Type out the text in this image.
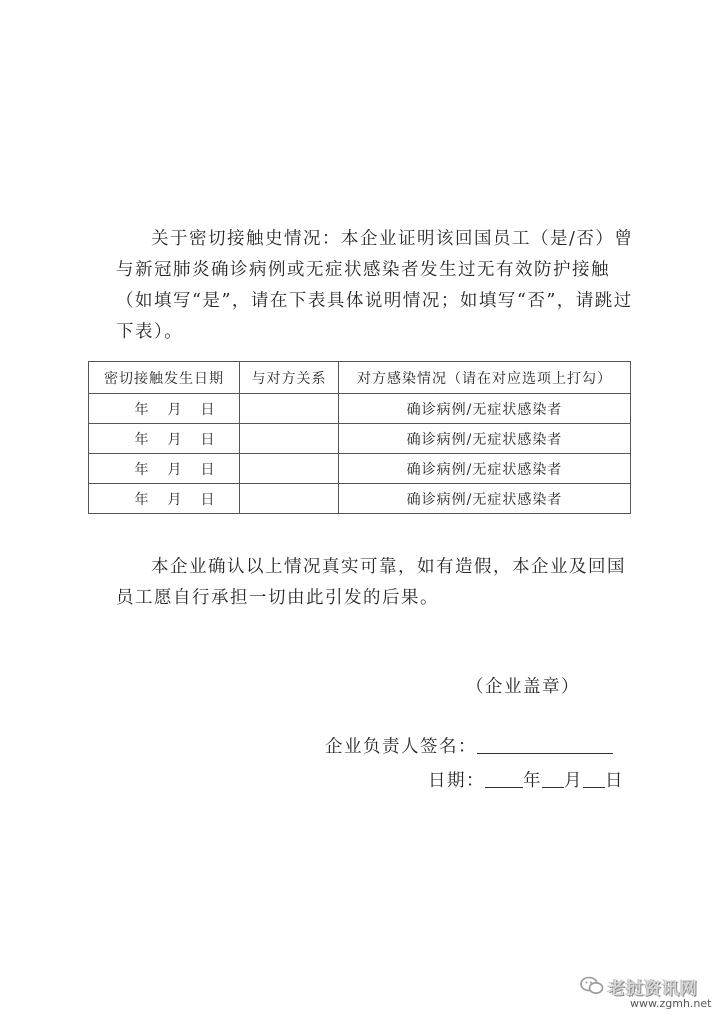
关于密切接触史情况：本企业证明该回国员工（是/否）曾与新冠肺炎确诊病例或无症状感染者发生过无有效防护接触（如填写“是”，请在下表具体说明情况；如填写“否”，请跳过下表）。

密切接触发生日期	与对方关系	对方感染情况（请在对应选项上打勾）
年 月 日		确诊病例/无症状感染者
年 月 日		确诊病例/无症状感染者
年 月 日		确诊病例/无症状感染者
年 月 日		确诊病例/无症状感染者

本企业确认以上情况真实可靠，如有造假，本企业及回国员工愿自行承担一切由此引发的后果。

（企业盖章）
企业负责人签名：
日期： 年 月 日
老挝资讯网
www.zgmh.net
